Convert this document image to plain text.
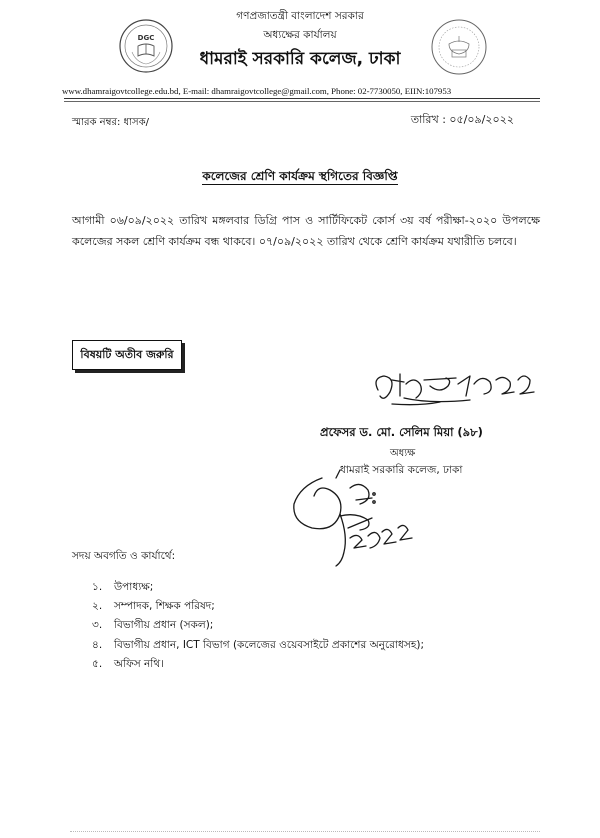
DGC
গণপ্রজাতন্ত্রী বাংলাদেশ সরকার
অধ্যক্ষের কার্যালয়
ধামরাই সরকারি কলেজ, ঢাকা
www.dhamraigovtcollege.edu.bd, E-mail: dhamraigovtcollege@gmail.com, Phone: 02-7730050, EIIN:107953
স্মারক নম্বর: ধাসক/	তারিখ : ০৫/০৯/২০২২
কলেজের শ্রেণি কার্যক্রম স্থগিতের বিজ্ঞপ্তি
আগামী ০৬/০৯/২০২২ তারিখ মঙ্গলবার ডিগ্রি পাস ও সার্টিফিকেট কোর্স ৩য় বর্ষ পরীক্ষা-২০২০ উপলক্ষে কলেজের সকল শ্রেণি কার্যক্রম বন্ধ থাকবে। ০৭/০৯/২০২২ তারিখ থেকে শ্রেণি কার্যক্রম যথারীতি চলবে।
বিষয়টি অতীব জরুরি
প্রফেসর ড. মো. সেলিম মিয়া (৯৮)
অধ্যক্ষ
ধামরাই সরকারি কলেজ, ঢাকা
সদয় অবগতি ও কার্যার্থে:
১. উপাধ্যক্ষ;
২. সম্পাদক, শিক্ষক পরিষদ;
৩. বিভাগীয় প্রধান (সকল);
৪. বিভাগীয় প্রধান, ICT বিভাগ (কলেজের ওয়েবসাইটে প্রকাশের অনুরোধসহ);
৫. অফিস নথি।
